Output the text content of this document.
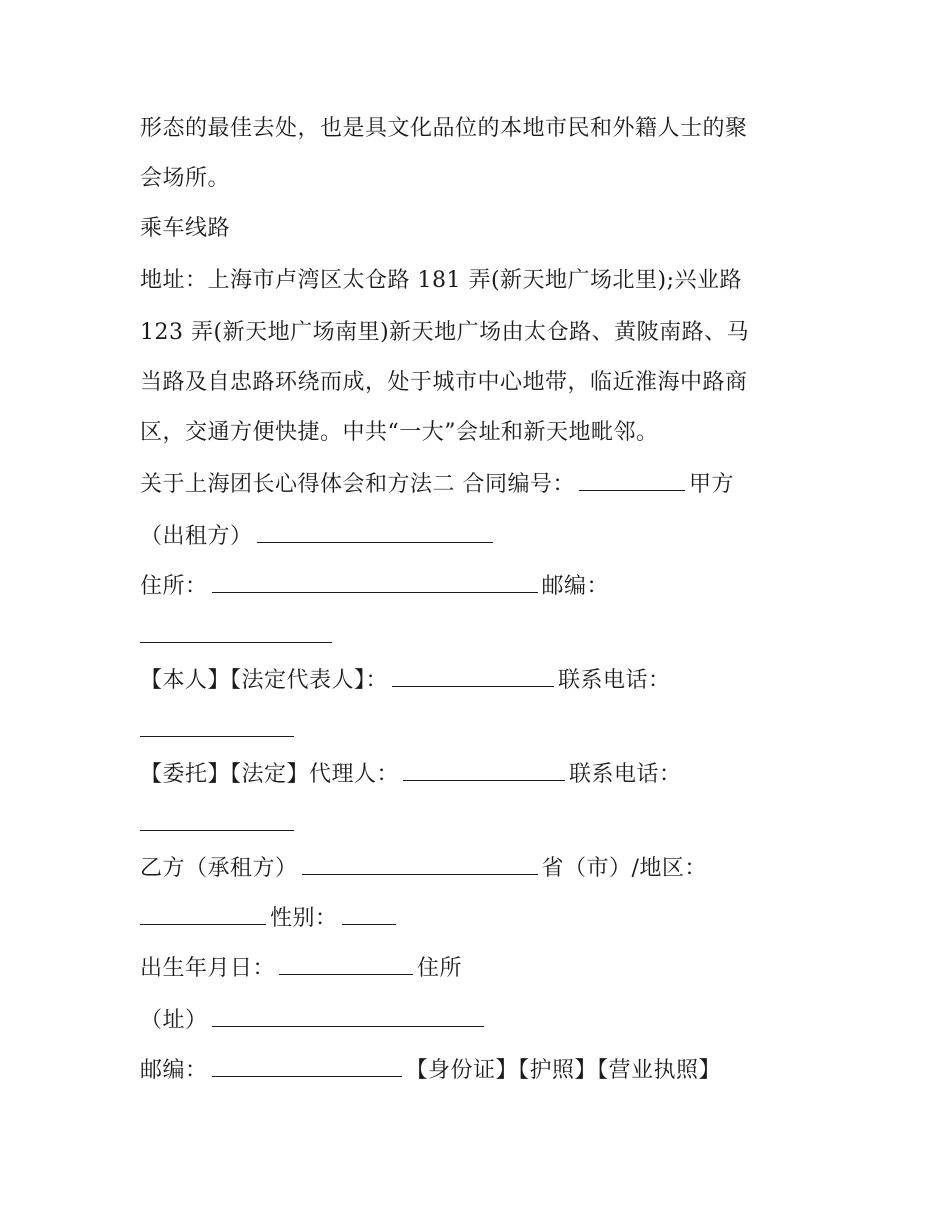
形态的最佳去处，也是具文化品位的本地市民和外籍人士的聚
会场所。
乘车线路
地址：上海市卢湾区太仓路 181 弄(新天地广场北里);兴业路
123 弄(新天地广场南里)新天地广场由太仓路、黄陂南路、马
当路及自忠路环绕而成，处于城市中心地带，临近淮海中路商
区，交通方便快捷。中共“一大”会址和新天地毗邻。
关于上海团长心得体会和方法二 合同编号：	甲方
（出租方）
住所：	邮编：
【本人】【法定代表人】：	联系电话：
【委托】【法定】代理人：	联系电话：
乙方（承租方）	省（市）/地区：
性别：
出生年月日：	住所
（址）
邮编：	【身份证】【护照】【营业执照】
